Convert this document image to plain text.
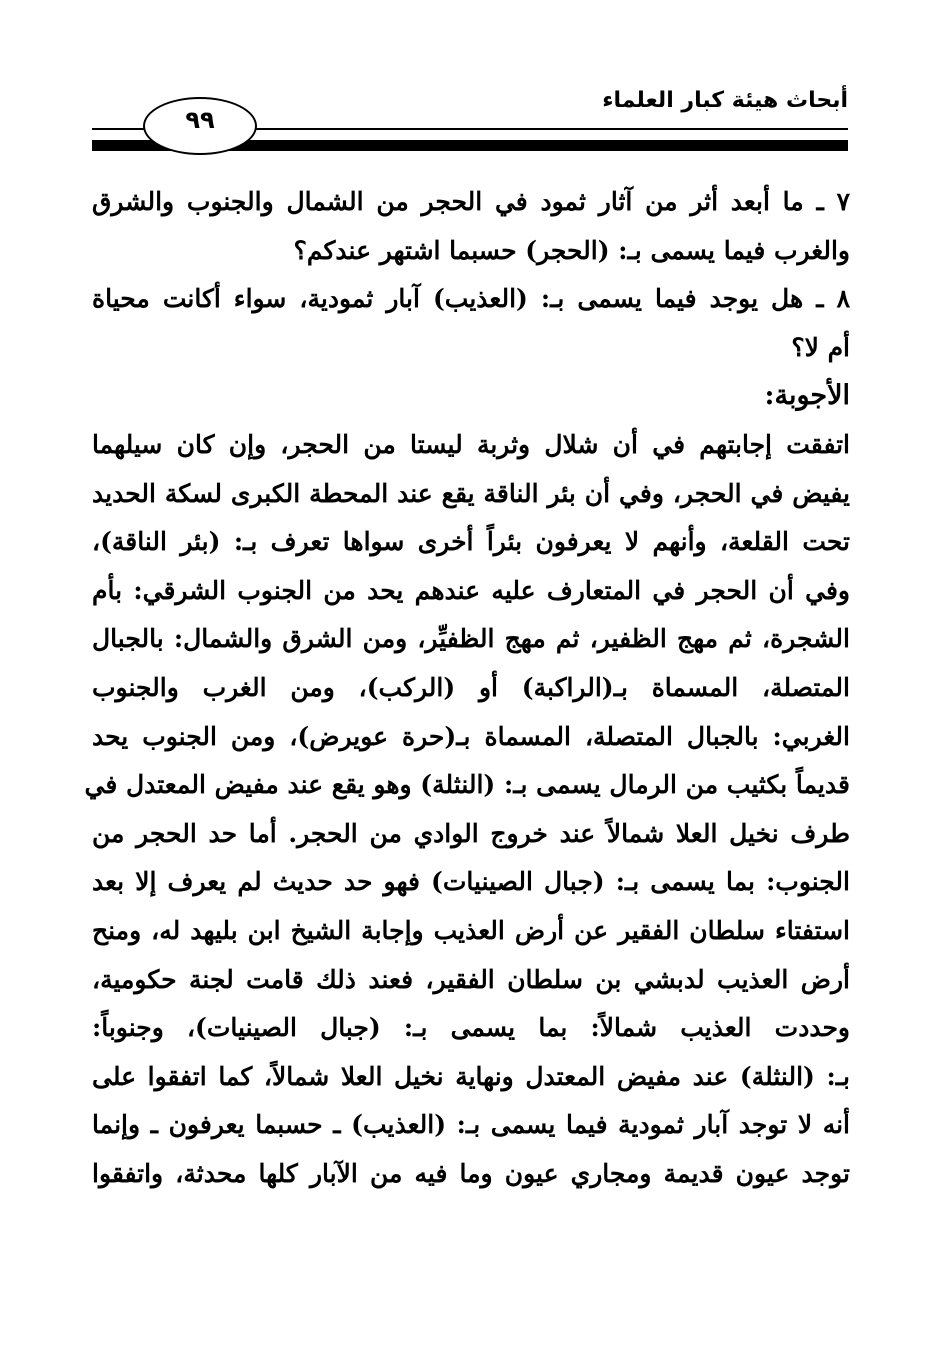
أبحاث هيئة كبار العلماء
٩٩
٧ ـ ما أبعد أثر من آثار ثمود في الحجر من الشمال والجنوب والشرق
والغرب فيما يسمى بـ: (الحجر) حسبما اشتهر عندكم؟
٨ ـ هل يوجد فيما يسمى بـ: (العذيب) آبار ثمودية، سواء أكانت محياة
أم لا؟
الأجوبة:
اتفقت إجابتهم في أن شلال وثربة ليستا من الحجر، وإن كان سيلهما
يفيض في الحجر، وفي أن بئر الناقة يقع عند المحطة الكبرى لسكة الحديد
تحت القلعة، وأنهم لا يعرفون بئراً أخرى سواها تعرف بـ: (بئر الناقة)،
وفي أن الحجر في المتعارف عليه عندهم يحد من الجنوب الشرقي: بأم
الشجرة، ثم مهج الظفير، ثم مهج الظفيِّر، ومن الشرق والشمال: بالجبال
المتصلة، المسماة بـ(الراكبة) أو (الركب)، ومن الغرب والجنوب
الغربي: بالجبال المتصلة، المسماة بـ(حرة عويرض)، ومن الجنوب يحد
قديماً بكثيب من الرمال يسمى بـ: (النثلة) وهو يقع عند مفيض المعتدل في
طرف نخيل العلا شمالاً عند خروج الوادي من الحجر. أما حد الحجر من
الجنوب: بما يسمى بـ: (جبال الصينيات) فهو حد حديث لم يعرف إلا بعد
استفتاء سلطان الفقير عن أرض العذيب وإجابة الشيخ ابن بليهد له، ومنح
أرض العذيب لدبشي بن سلطان الفقير، فعند ذلك قامت لجنة حكومية،
وحددت العذيب شمالاً: بما يسمى بـ: (جبال الصينيات)، وجنوباً:
بـ: (النثلة) عند مفيض المعتدل ونهاية نخيل العلا شمالاً، كما اتفقوا على
أنه لا توجد آبار ثمودية فيما يسمى بـ: (العذيب) ـ حسبما يعرفون ـ وإنما
توجد عيون قديمة ومجاري عيون وما فيه من الآبار كلها محدثة، واتفقوا
